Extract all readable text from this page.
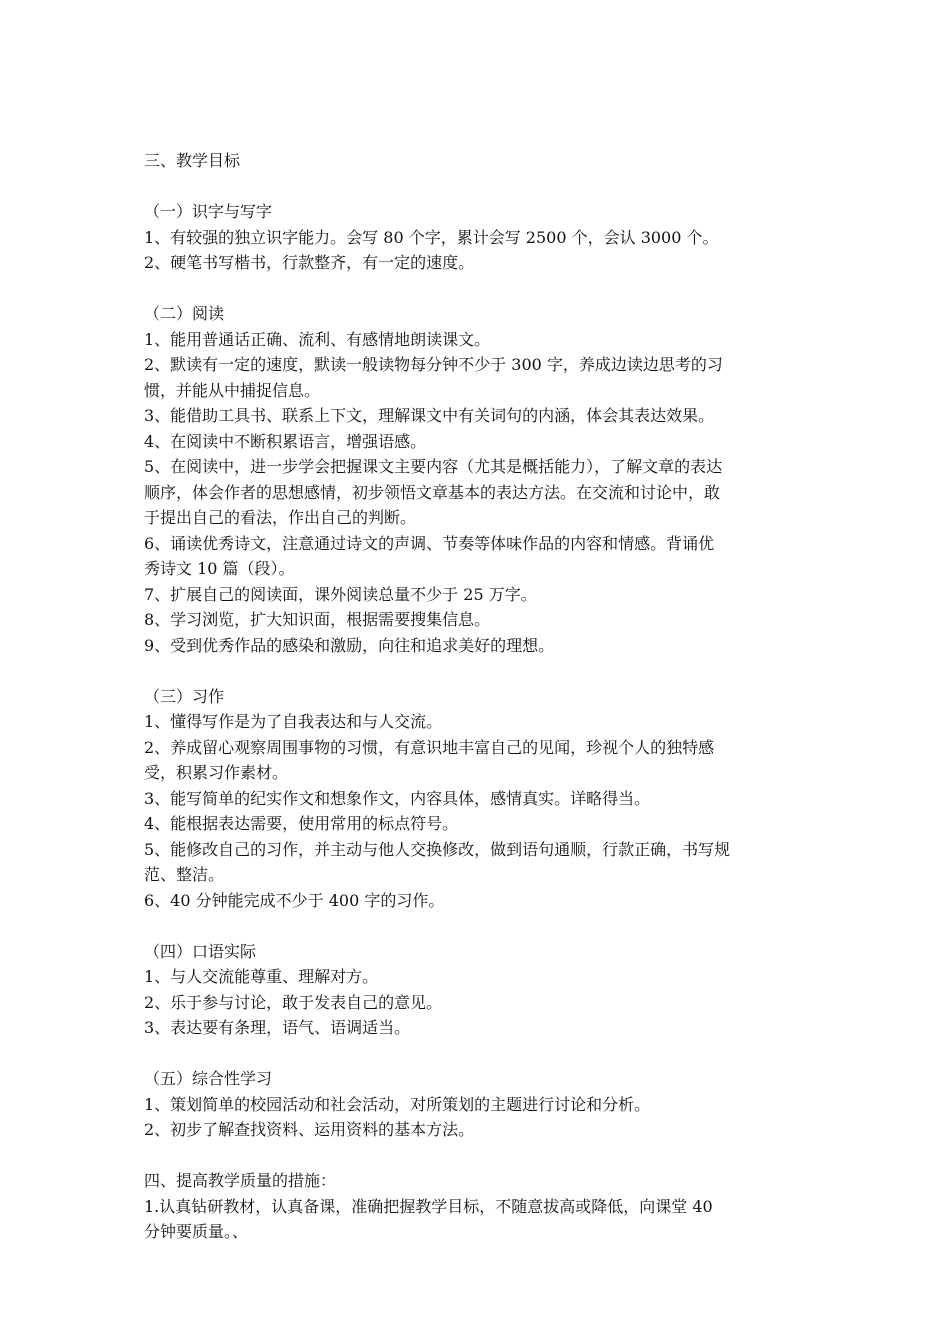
三、教学目标

（一）识字与写字

1、有较强的独立识字能力。会写 80 个字，累计会写 2500 个，会认 3000 个。

2、硬笔书写楷书，行款整齐，有一定的速度。

（二）阅读

1、能用普通话正确、流利、有感情地朗读课文。

2、默读有一定的速度，默读一般读物每分钟不少于 300 字，养成边读边思考的习

惯，并能从中捕捉信息。

3、能借助工具书、联系上下文，理解课文中有关词句的内涵，体会其表达效果。

4、在阅读中不断积累语言，增强语感。

5、在阅读中，进一步学会把握课文主要内容（尤其是概括能力），了解文章的表达

顺序，体会作者的思想感情，初步领悟文章基本的表达方法。在交流和讨论中，敢

于提出自己的看法，作出自己的判断。

6、诵读优秀诗文，注意通过诗文的声调、节奏等体味作品的内容和情感。背诵优

秀诗文 10 篇（段）。

7、扩展自己的阅读面，课外阅读总量不少于 25 万字。

8、学习浏览，扩大知识面，根据需要搜集信息。

9、受到优秀作品的感染和激励，向往和追求美好的理想。

（三）习作

1、懂得写作是为了自我表达和与人交流。

2、养成留心观察周围事物的习惯，有意识地丰富自己的见闻，珍视个人的独特感

受，积累习作素材。

3、能写简单的纪实作文和想象作文，内容具体，感情真实。详略得当。

4、能根据表达需要，使用常用的标点符号。

5、能修改自己的习作，并主动与他人交换修改，做到语句通顺，行款正确，书写规

范、整洁。

6、40 分钟能完成不少于 400 字的习作。

（四）口语实际

1、与人交流能尊重、理解对方。

2、乐于参与讨论，敢于发表自己的意见。

3、表达要有条理，语气、语调适当。

（五）综合性学习

1、策划简单的校园活动和社会活动，对所策划的主题进行讨论和分析。

2、初步了解查找资料、运用资料的基本方法。

四、提高教学质量的措施：

1.认真钻研教材，认真备课，准确把握教学目标，不随意拔高或降低，向课堂 40

分钟要质量。、
